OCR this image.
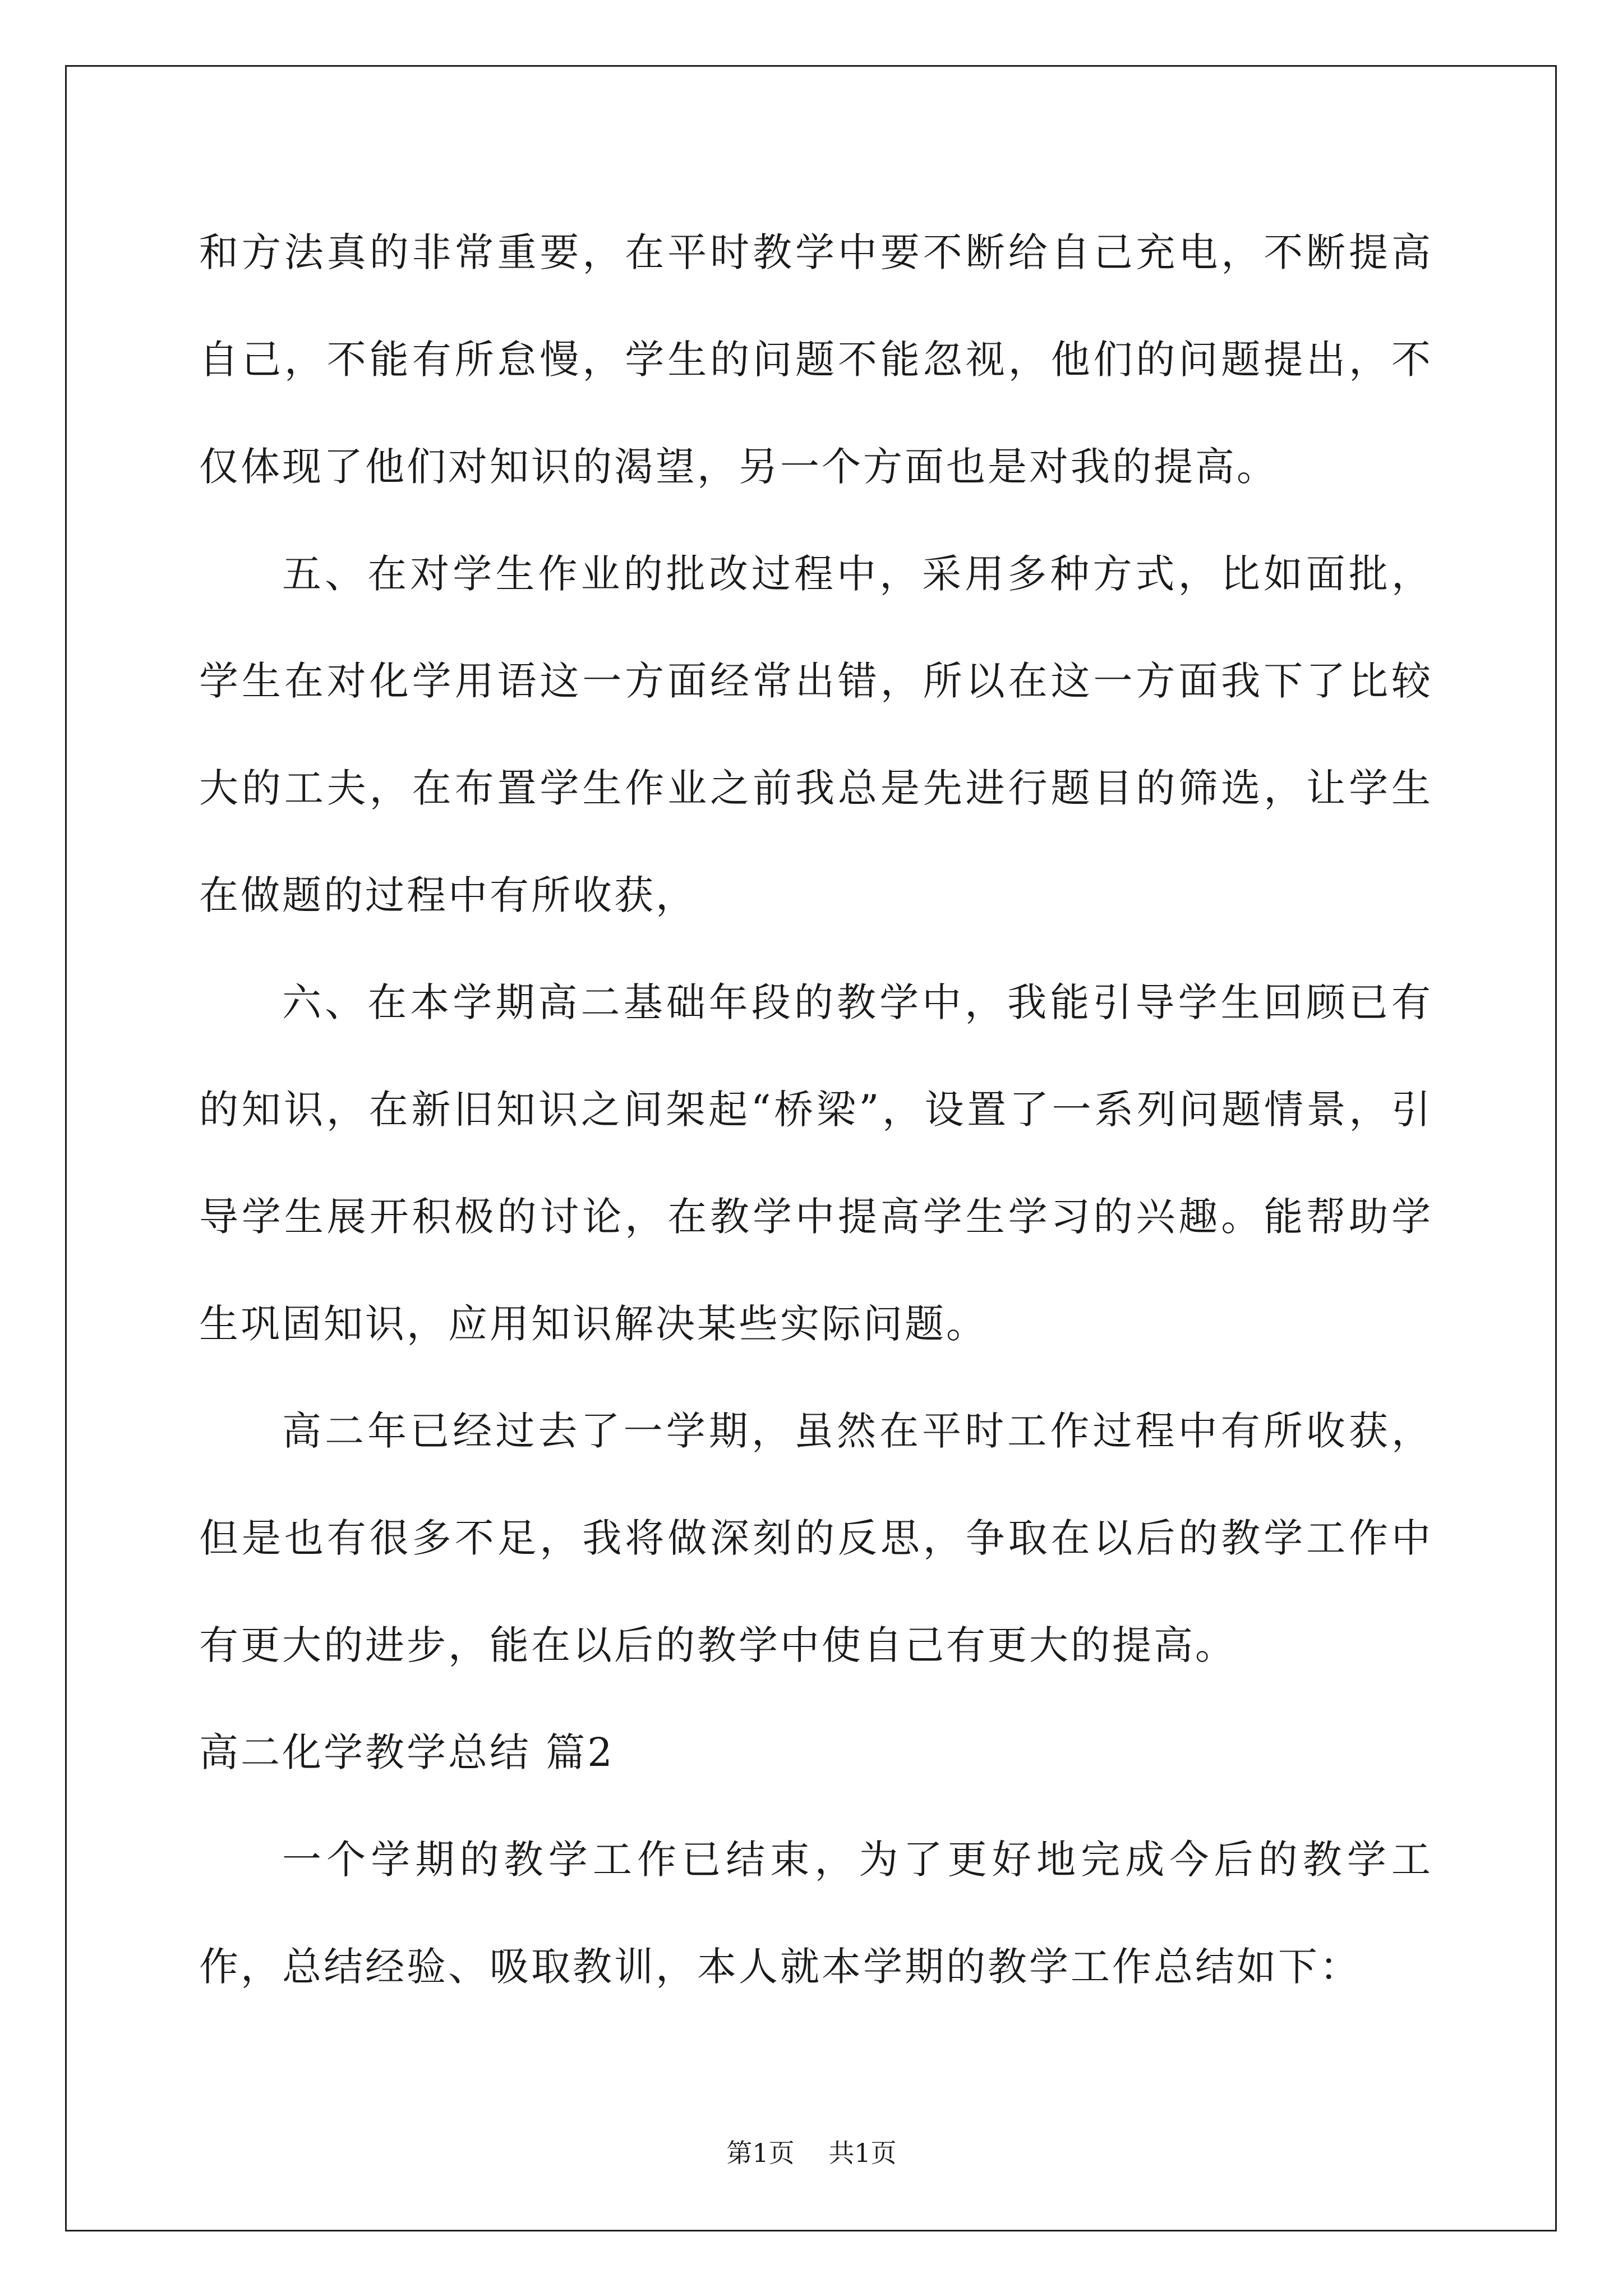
和方法真的非常重要，在平时教学中要不断给自己充电，不断提高自己，不能有所怠慢，学生的问题不能忽视，他们的问题提出，不仅体现了他们对知识的渴望，另一个方面也是对我的提高。

五、在对学生作业的批改过程中，采用多种方式，比如面批，学生在对化学用语这一方面经常出错，所以在这一方面我下了比较大的工夫，在布置学生作业之前我总是先进行题目的筛选，让学生在做题的过程中有所收获，

六、在本学期高二基础年段的教学中，我能引导学生回顾已有的知识，在新旧知识之间架起“桥梁”，设置了一系列问题情景，引导学生展开积极的讨论，在教学中提高学生学习的兴趣。能帮助学生巩固知识，应用知识解决某些实际问题。

高二年已经过去了一学期，虽然在平时工作过程中有所收获，但是也有很多不足，我将做深刻的反思，争取在以后的教学工作中有更大的进步，能在以后的教学中使自己有更大的提高。

高二化学教学总结 篇2

一个学期的教学工作已结束，为了更好地完成今后的教学工作，总结经验、吸取教训，本人就本学期的教学工作总结如下：

第1页 共1页
